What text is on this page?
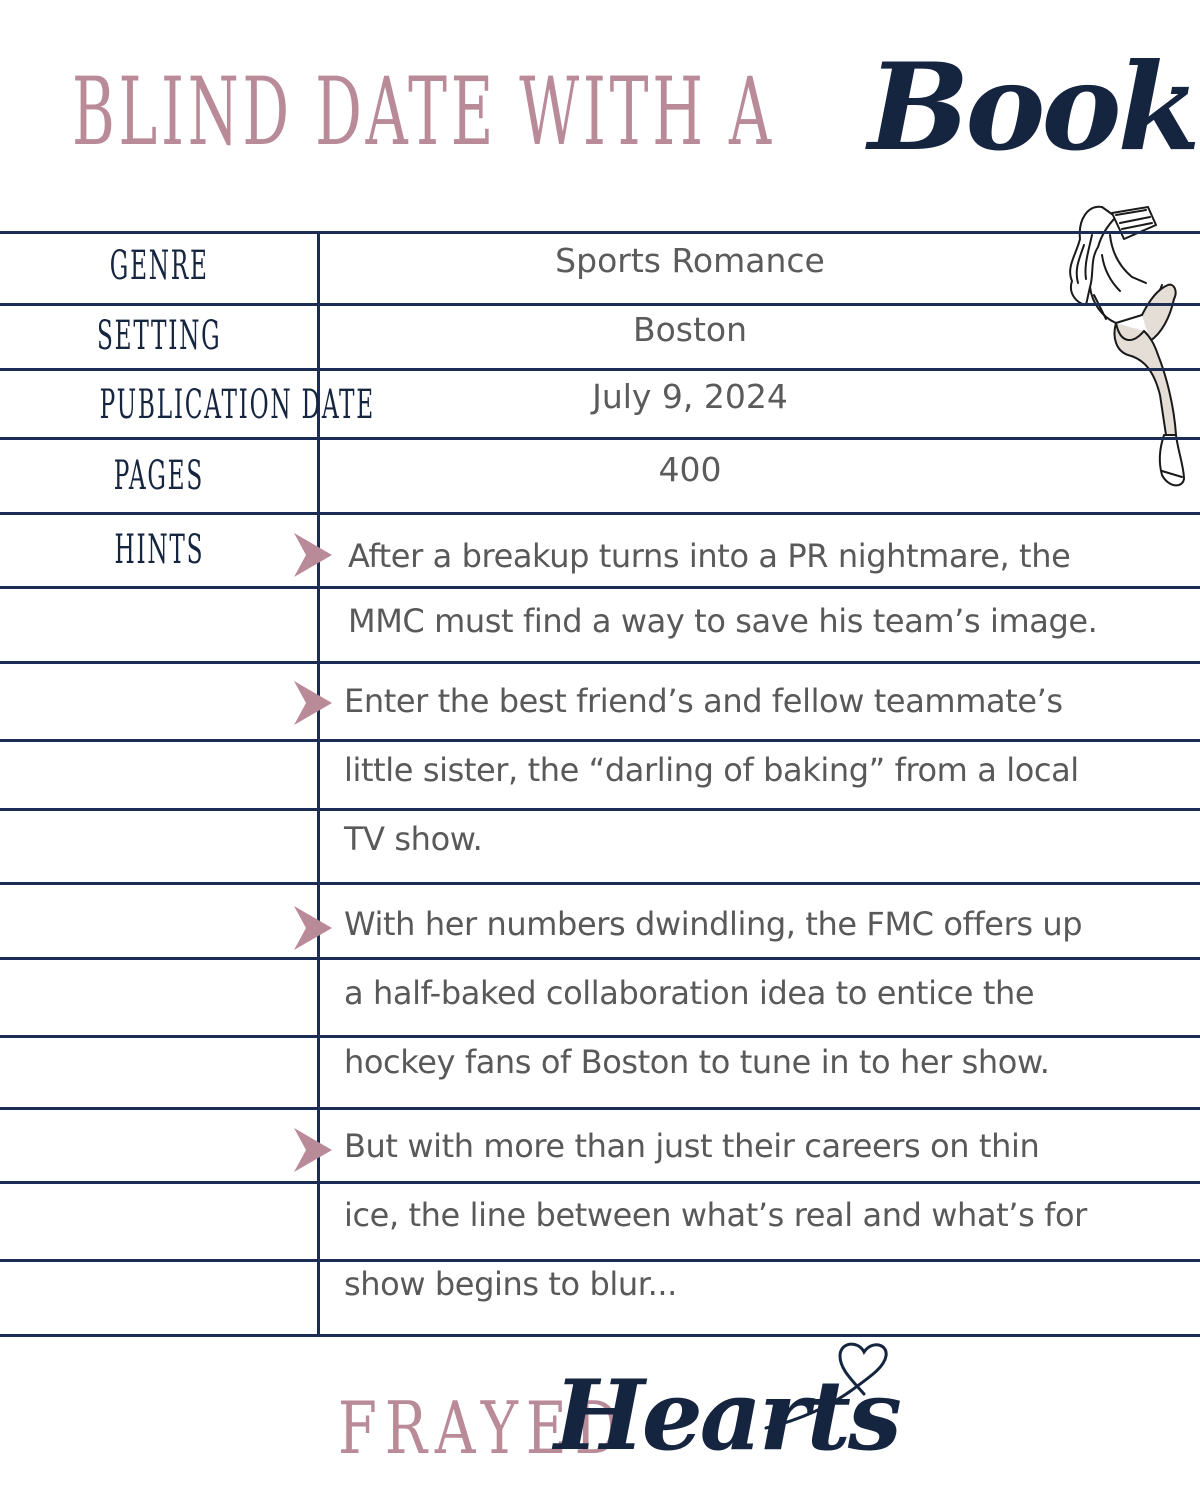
BLIND DATE WITH A Book
GENRE
SETTING
PUBLICATION DATE
PAGES
HINTS
Sports Romance
Boston
July 9, 2024
400
After a breakup turns into a PR nightmare, the
MMC must find a way to save his team’s image.
Enter the best friend’s and fellow teammate’s
little sister, the “darling of baking” from a local
TV show.
With her numbers dwindling, the FMC offers up
a half-baked collaboration idea to entice the
hockey fans of Boston to tune in to her show.
But with more than just their careers on thin
ice, the line between what’s real and what’s for
show begins to blur...
FRAYED
Hearts
